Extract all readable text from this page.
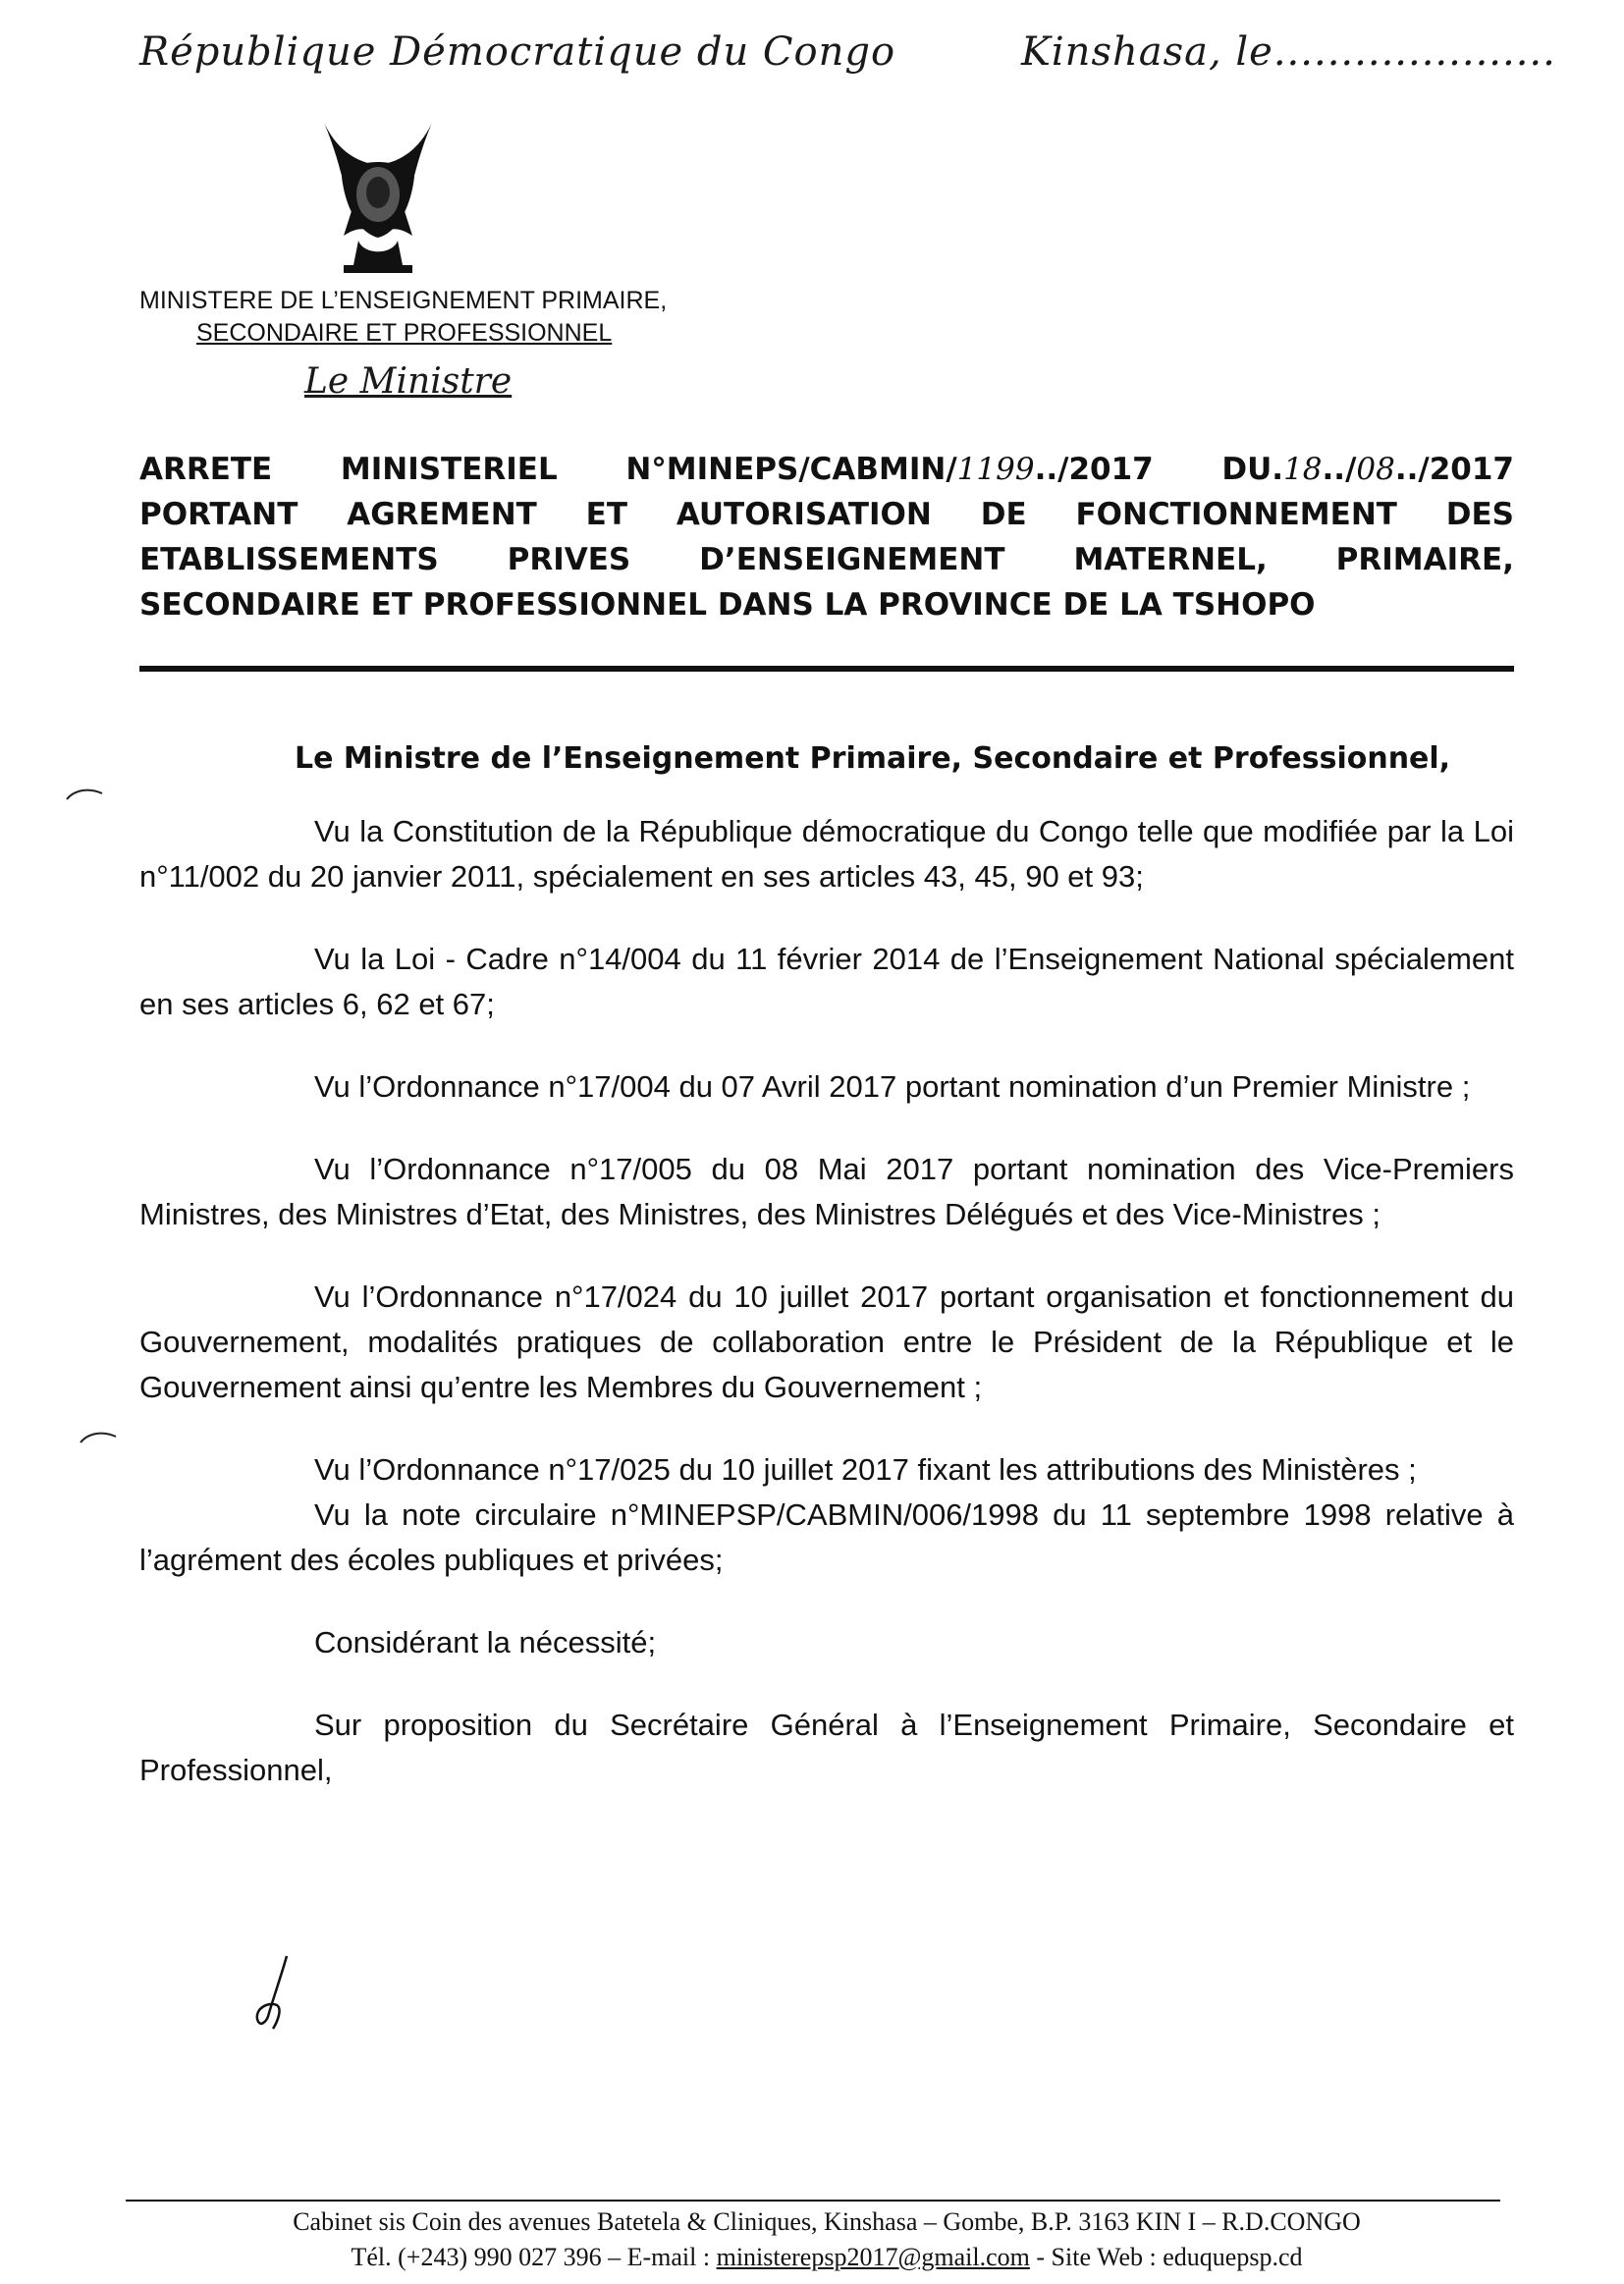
République Démocratique du Congo	Kinshasa, le.....................
MINISTERE DE L’ENSEIGNEMENT PRIMAIRE,
SECONDAIRE ET PROFESSIONNEL
Le Ministre
ARRETE MINISTERIEL N°MINEPS/CABMIN/1199../2017 DU.18../08../2017
PORTANT AGREMENT ET AUTORISATION DE FONCTIONNEMENT DES
ETABLISSEMENTS PRIVES D’ENSEIGNEMENT MATERNEL, PRIMAIRE,
SECONDAIRE ET PROFESSIONNEL DANS LA PROVINCE DE LA TSHOPO
Le Ministre de l’Enseignement Primaire, Secondaire et Professionnel,

Vu la Constitution de la République démocratique du Congo telle que modifiée par la Loi n°11/002 du 20 janvier 2011, spécialement en ses articles 43, 45, 90 et 93;

Vu la Loi - Cadre n°14/004 du 11 février 2014 de l’Enseignement National spécialement en ses articles 6, 62 et 67;

Vu l’Ordonnance n°17/004 du 07 Avril 2017 portant nomination d’un Premier Ministre ;

Vu l’Ordonnance n°17/005 du 08 Mai 2017 portant nomination des Vice-Premiers Ministres, des Ministres d’Etat, des Ministres, des Ministres Délégués et des Vice-Ministres ;

Vu l’Ordonnance n°17/024 du 10 juillet 2017 portant organisation et fonctionnement du Gouvernement, modalités pratiques de collaboration entre le Président de la République et le Gouvernement ainsi qu’entre les Membres du Gouvernement ;

Vu l’Ordonnance n°17/025 du 10 juillet 2017 fixant les attributions des Ministères ;

Vu la note circulaire n°MINEPSP/CABMIN/006/1998 du 11 septembre 1998 relative à l’agrément des écoles publiques et privées;

Considérant la nécessité;

Sur proposition du Secrétaire Général à l’Enseignement Primaire, Secondaire et Professionnel,

Cabinet sis Coin des avenues Batetela & Cliniques, Kinshasa – Gombe, B.P. 3163 KIN I – R.D.CONGO
Tél. (+243) 990 027 396 – E-mail : ministerepsp2017@gmail.com - Site Web : eduquepsp.cd
